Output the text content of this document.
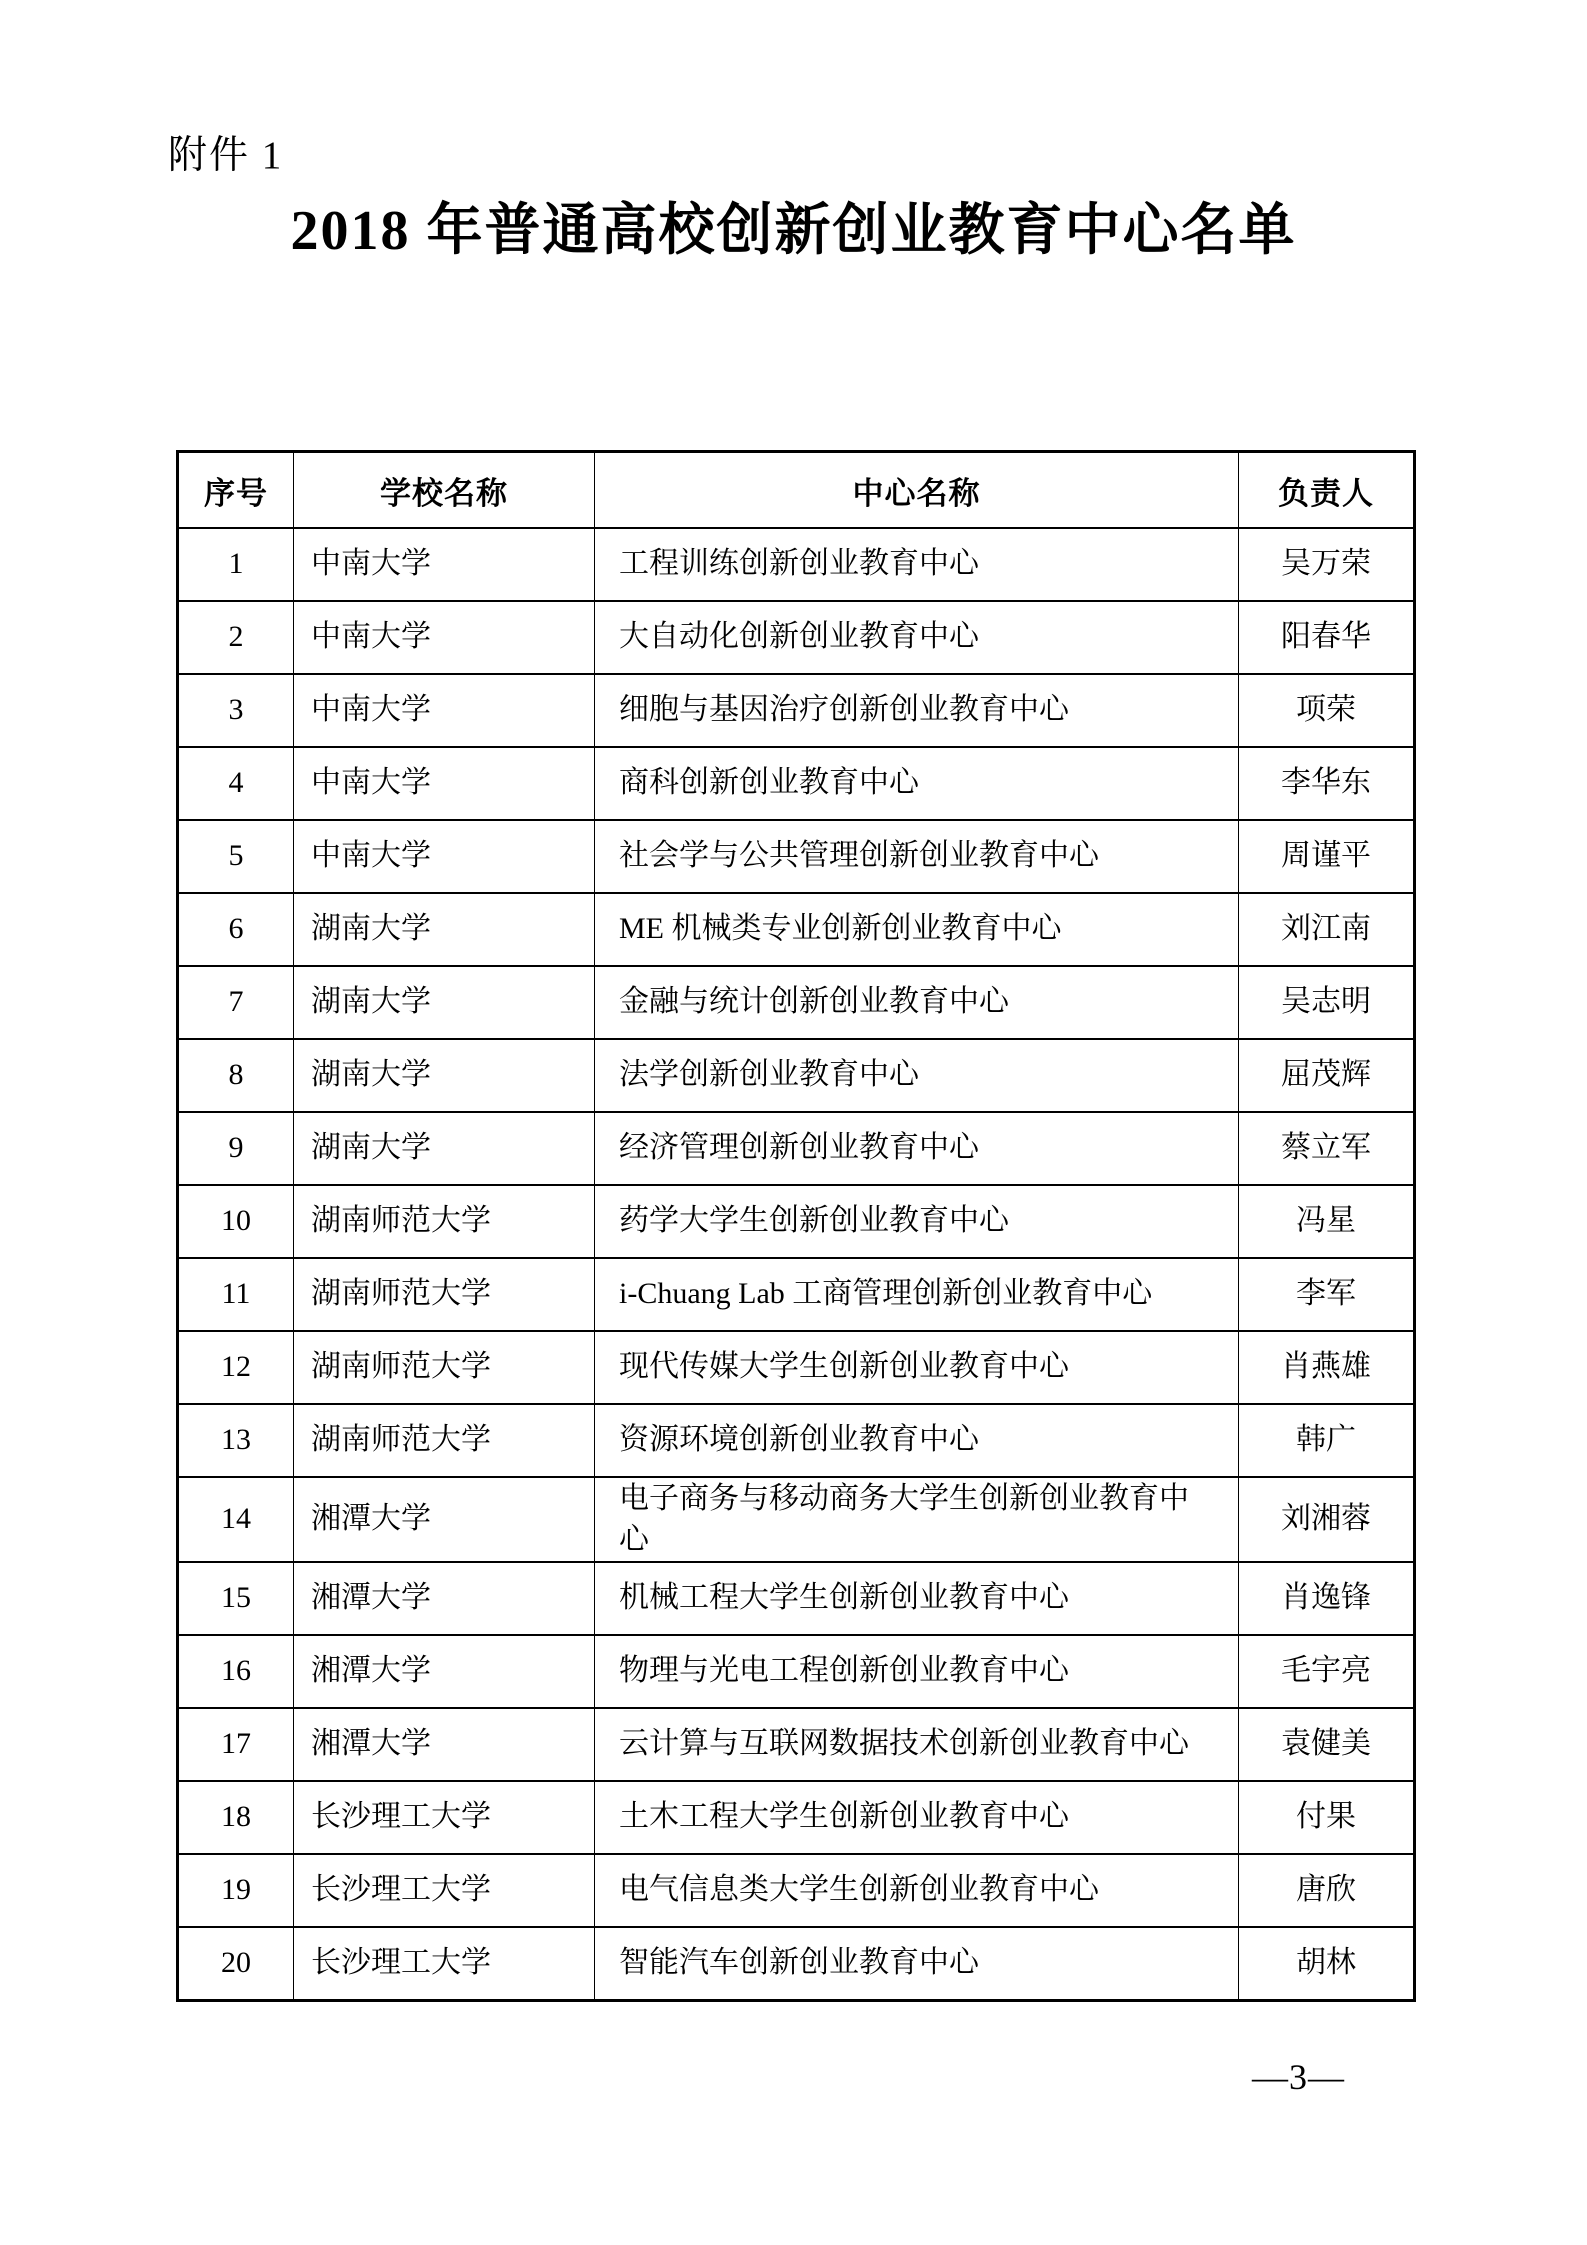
附件 1
2018 年普通高校创新创业教育中心名单
序号	学校名称	中心名称	负责人
1	中南大学	工程训练创新创业教育中心	吴万荣
2	中南大学	大自动化创新创业教育中心	阳春华
3	中南大学	细胞与基因治疗创新创业教育中心	项荣
4	中南大学	商科创新创业教育中心	李华东
5	中南大学	社会学与公共管理创新创业教育中心	周谨平
6	湖南大学	ME 机械类专业创新创业教育中心	刘江南
7	湖南大学	金融与统计创新创业教育中心	吴志明
8	湖南大学	法学创新创业教育中心	屈茂辉
9	湖南大学	经济管理创新创业教育中心	蔡立军
10	湖南师范大学	药学大学生创新创业教育中心	冯星
11	湖南师范大学	i-Chuang Lab 工商管理创新创业教育中心	李军
12	湖南师范大学	现代传媒大学生创新创业教育中心	肖燕雄
13	湖南师范大学	资源环境创新创业教育中心	韩广
14	湘潭大学	电子商务与移动商务大学生创新创业教育中心	刘湘蓉
15	湘潭大学	机械工程大学生创新创业教育中心	肖逸锋
16	湘潭大学	物理与光电工程创新创业教育中心	毛宇亮
17	湘潭大学	云计算与互联网数据技术创新创业教育中心	袁健美
18	长沙理工大学	土木工程大学生创新创业教育中心	付果
19	长沙理工大学	电气信息类大学生创新创业教育中心	唐欣
20	长沙理工大学	智能汽车创新创业教育中心	胡林
—3—
